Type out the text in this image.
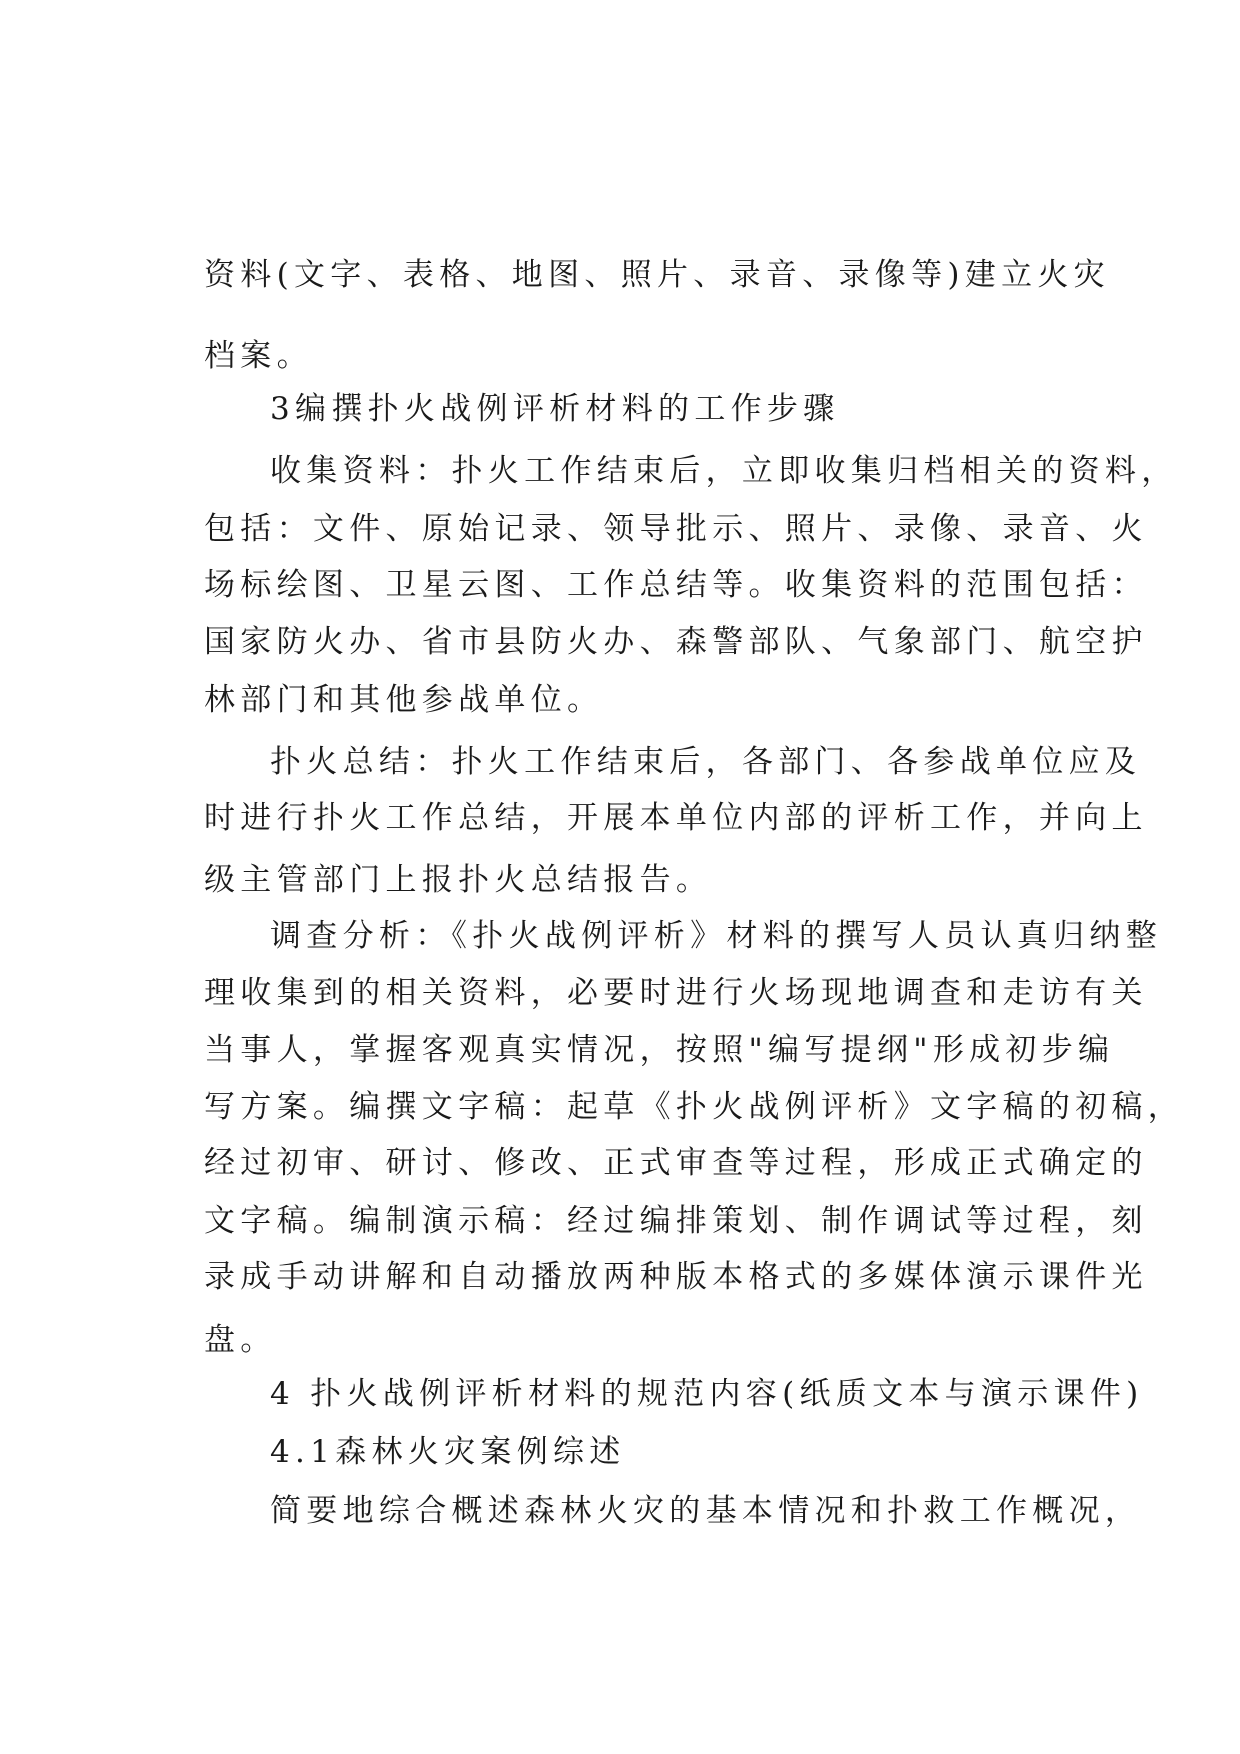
资料(文字、表格、地图、照片、录音、录像等)建立火灾
档案。
3编撰扑火战例评析材料的工作步骤
收集资料：扑火工作结束后，立即收集归档相关的资料，
包括：文件、原始记录、领导批示、照片、录像、录音、火
场标绘图、卫星云图、工作总结等。收集资料的范围包括：
国家防火办、省市县防火办、森警部队、气象部门、航空护
林部门和其他参战单位。
扑火总结：扑火工作结束后，各部门、各参战单位应及
时进行扑火工作总结，开展本单位内部的评析工作，并向上
级主管部门上报扑火总结报告。
调查分析：《扑火战例评析》材料的撰写人员认真归纳整
理收集到的相关资料，必要时进行火场现地调查和走访有关
当事人，掌握客观真实情况，按照"编写提纲"形成初步编
写方案。编撰文字稿：起草《扑火战例评析》文字稿的初稿，
经过初审、研讨、修改、正式审查等过程，形成正式确定的
文字稿。编制演示稿：经过编排策划、制作调试等过程，刻
录成手动讲解和自动播放两种版本格式的多媒体演示课件光
盘。
4 扑火战例评析材料的规范内容(纸质文本与演示课件)
4.1森林火灾案例综述
简要地综合概述森林火灾的基本情况和扑救工作概况，
